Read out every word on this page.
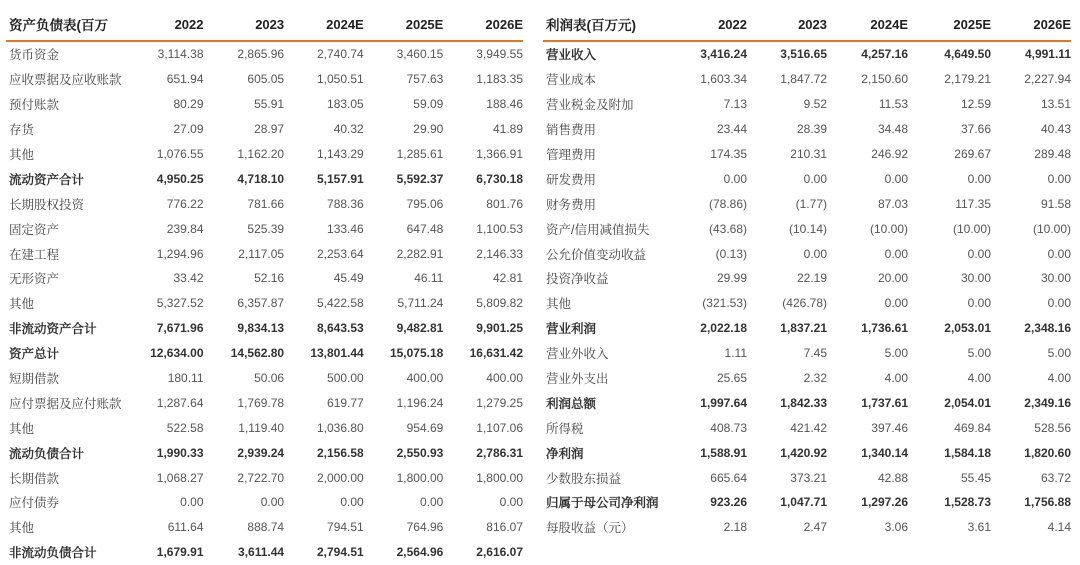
资产负债表(百万	2022	2023	2024E	2025E	2026E
货币资金	3,114.38	2,865.96	2,740.74	3,460.15	3,949.55
应收票据及应收账款	651.94	605.05	1,050.51	757.63	1,183.35
预付账款	80.29	55.91	183.05	59.09	188.46
存货	27.09	28.97	40.32	29.90	41.89
其他	1,076.55	1,162.20	1,143.29	1,285.61	1,366.91
流动资产合计	4,950.25	4,718.10	5,157.91	5,592.37	6,730.18
长期股权投资	776.22	781.66	788.36	795.06	801.76
固定资产	239.84	525.39	133.46	647.48	1,100.53
在建工程	1,294.96	2,117.05	2,253.64	2,282.91	2,146.33
无形资产	33.42	52.16	45.49	46.11	42.81
其他	5,327.52	6,357.87	5,422.58	5,711.24	5,809.82
非流动资产合计	7,671.96	9,834.13	8,643.53	9,482.81	9,901.25
资产总计	12,634.00	14,562.80	13,801.44	15,075.18	16,631.42
短期借款	180.11	50.06	500.00	400.00	400.00
应付票据及应付账款	1,287.64	1,769.78	619.77	1,196.24	1,279.25
其他	522.58	1,119.40	1,036.80	954.69	1,107.06
流动负债合计	1,990.33	2,939.24	2,156.58	2,550.93	2,786.31
长期借款	1,068.27	2,722.70	2,000.00	1,800.00	1,800.00
应付债券	0.00	0.00	0.00	0.00	0.00
其他	611.64	888.74	794.51	764.96	816.07
非流动负债合计	1,679.91	3,611.44	2,794.51	2,564.96	2,616.07
利润表(百万元)	2022	2023	2024E	2025E	2026E
营业收入	3,416.24	3,516.65	4,257.16	4,649.50	4,991.11
营业成本	1,603.34	1,847.72	2,150.60	2,179.21	2,227.94
营业税金及附加	7.13	9.52	11.53	12.59	13.51
销售费用	23.44	28.39	34.48	37.66	40.43
管理费用	174.35	210.31	246.92	269.67	289.48
研发费用	0.00	0.00	0.00	0.00	0.00
财务费用	(78.86)	(1.77)	87.03	117.35	91.58
资产/信用减值损失	(43.68)	(10.14)	(10.00)	(10.00)	(10.00)
公允价值变动收益	(0.13)	0.00	0.00	0.00	0.00
投资净收益	29.99	22.19	20.00	30.00	30.00
其他	(321.53)	(426.78)	0.00	0.00	0.00
营业利润	2,022.18	1,837.21	1,736.61	2,053.01	2,348.16
营业外收入	1.11	7.45	5.00	5.00	5.00
营业外支出	25.65	2.32	4.00	4.00	4.00
利润总额	1,997.64	1,842.33	1,737.61	2,054.01	2,349.16
所得税	408.73	421.42	397.46	469.84	528.56
净利润	1,588.91	1,420.92	1,340.14	1,584.18	1,820.60
少数股东损益	665.64	373.21	42.88	55.45	63.72
归属于母公司净利润	923.26	1,047.71	1,297.26	1,528.73	1,756.88
每股收益（元）	2.18	2.47	3.06	3.61	4.14
